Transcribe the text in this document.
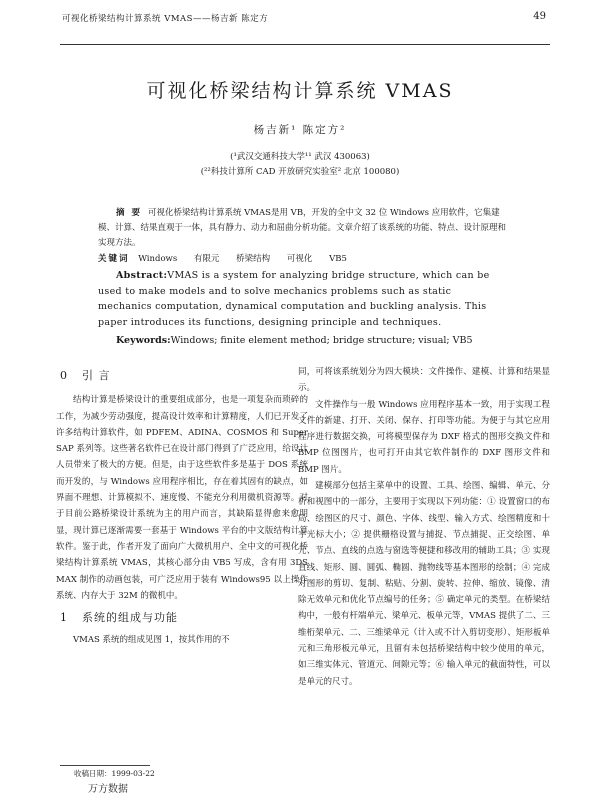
可视化桥梁结构计算系统 VMAS——杨吉新 陈定方	49
可视化桥梁结构计算系统 VMAS
杨吉新¹ 陈定方²
(¹武汉交通科技大学¹¹ 武汉 430063)
(²²科技计算所 CAD 开放研究实验室² 北京 100080)
摘 要 可视化桥梁结构计算系统 VMAS是用 VB，开发的全中文 32 位 Windows 应用软件，它集建模、计算、结果直观于一体，具有静力、动力和屈曲分析功能。文章介绍了该系统的功能、特点、设计原理和实现方法。
关键词 Windows 有限元 桥梁结构 可视化 VB5
Abstract:VMAS is a system for analyzing bridge structure, which can be used to make models and to solve mechanics problems such as static mechanics computation, dynamical computation and buckling analysis. This paper introduces its functions, designing principle and techniques.
Keywords:Windows; finite element method; bridge structure; visual; VB5
0 引 言

结构计算是桥梁设计的重要组成部分，也是一项复杂而琐碎的工作，为减少劳动强度，提高设计效率和计算精度，人们已开发了许多结构计算软件，如 PDFEM、ADINA、COSMOS 和 Super SAP 系列等。这些著名软件已在设计部门得到了广泛应用，给设计人员带来了极大的方便。但是，由于这些软件多是基于 DOS 系统而开发的，与 Windows 应用程序相比，存在着其固有的缺点，如界面不理想、计算模拟不、速度慢、不能充分利用微机资源等。对于目前公路桥梁设计系统为主的用户而言，其缺陷显得愈来愈明显，现计算已逐渐需要一套基于 Windows 平台的中文版结构计算软件。鉴于此，作者开发了面向广大微机用户、全中文的可视化桥梁结构计算系统 VMAS，其核心部分由 VB5 写成，含有用 3DS MAX 制作的动画包装，可广泛应用于装有 Windows95 以上操作系统、内存大于 32M 的微机中。

1 系统的组成与功能

VMAS 系统的组成见图 1，按其作用的不

同，可将该系统划分为四大模块：文件操作、建模、计算和结果显示。

文件操作与一般 Windows 应用程序基本一致，用于实现工程文件的新建、打开、关闭、保存、打印等功能。为便于与其它应用程序进行数据交换，可将模型保存为 DXF 格式的图形交换文件和 BMP 位图图片，也可打开由其它软件制作的 DXF 图形文件和 BMP 图片。

建模部分包括主菜单中的设置、工具、绘图、编辑、单元、分析和视图中的一部分，主要用于实现以下列功能：① 设置窗口的布局、绘图区的尺寸、颜色、字体、线型、输入方式、绘图精度和十字光标大小；② 提供栅格设置与捕捉、节点捕捉、正交绘图、单元、节点、直线的点选与窗选等便捷和移改用的辅助工具；③ 实现直线、矩形、圆、圆弧、椭圆、抛物线等基本图形的绘制；④ 完成对图形的剪切、复制、粘贴、分割、旋转、拉伸、缩放、镜像、清除无效单元和优化节点编号的任务；⑤ 确定单元的类型。在桥梁结构中，一般有杆端单元、梁单元、板单元等，VMAS 提供了二、三维桁架单元、二、三维梁单元（计入或不计入剪切变形）、矩形板单元和三角形板元单元，且留有未包括桥梁结构中较少使用的单元，如三维实体元、管道元、间隙元等；⑥ 输入单元的截面特性，可以是单元的尺寸。

收稿日期：1999-03-22
万方数据
